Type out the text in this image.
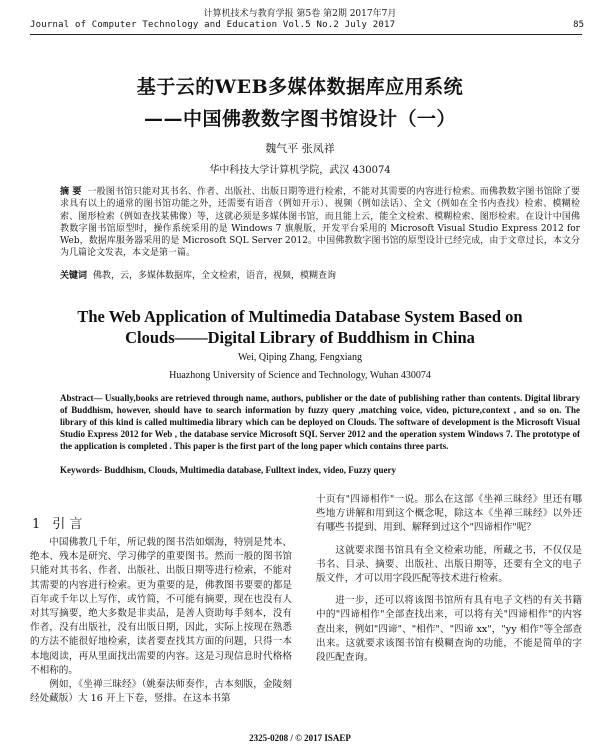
计算机技术与教育学报 第5卷 第2期 2017年7月
Journal of Computer Technology and Education Vol.5 No.2 July 2017	85
基于云的WEB多媒体数据库应用系统
——中国佛教数字图书馆设计（一）
魏气平 张凤祥
华中科技大学计算机学院，武汉 430074
摘 要 一般图书馆只能对其书名、作者、出版社、出版日期等进行检索，不能对其需要的内容进行检索。而佛教数字图书馆除了要求具有以上的通常的图书馆功能之外，还需要有语音（例如开示）、视频（例如法话）、全文（例如在全书内查找）检索、模糊检索、图形检索（例如查找某佛像）等，这就必须是多媒体图书馆，而且能上云，能全文检索、模糊检索、图形检索。在设计中国佛教数字图书馆原型时，操作系统采用的是 Windows 7 旗舰版，开发平台采用的 Microsoft Visual Studio Express 2012 for Web，数据库服务器采用的是 Microsoft SQL Server 2012。中国佛教数字图书馆的原型设计已经完成，由于文章过长，本文分为几篇论文发表，本文是第一篇。
关键词 佛教，云，多媒体数据库，全文检索，语音，视频，模糊查询
The Web Application of Multimedia Database System Based on
Clouds——Digital Library of Buddhism in China
Wei, Qiping Zhang, Fengxiang
Huazhong University of Science and Technology, Wuhan 430074
Abstract— Usually,books are retrieved through name, authors, publisher or the date of publishing rather than contents. Digital library of Buddhism, however, should have to search information by fuzzy query ,matching voice, video, picture,context , and so on. The library of this kind is called multimedia library which can be deployed on Clouds. The software of development is the Microsoft Visual Studio Express 2012 for Web , the database service Microsoft SQL Server 2012 and the operation system Windows 7. The prototype of the application is completed . This paper is the first part of the long paper which contains three parts.
Keywords- Buddhism, Clouds, Multimedia database, Fulltext index, video, Fuzzy query
1 引 言

中国佛教几千年，所记载的图书浩如烟海，特别是梵本、绝本、残本是研究、学习佛学的重要图书。然而一般的图书馆只能对其书名、作者、出版社、出版日期等进行检索，不能对其需要的内容进行检索。更为重要的是，佛教图书要要的都是百年或千年以上写作，或竹简，不可能有摘要，现在也没有人对其写摘要，绝大多数是非卖品，是善人资助每手刻本，没有作者，没有出版社，没有出版日期，因此，实际上按现在熟悉的方法不能很好地检索，读者要查找其方面的问题，只得一本本地阅读，再从里面找出需要的内容。这是习现信息时代格格不相称的。

例如，《坐禅三昧经》（姚秦法师奏作，古本刻版，金陵刻经处藏版）大 16 开上下卷，竖排。在这本书第

十页有"四谛相作"一说。那么在这部《坐禅三昧经》里还有哪些地方讲解和用到这个概念呢，除这本《坐禅三昧经》以外还有哪些书提到、用到、解释到过这个"四谛相作"呢？

这就要求图书馆具有全文检索功能，所藏之书，不仅仅是书名、目录、摘要、出版社、出版日期等，还要有全文的电子版文件，才可以用字段匹配等技术进行检索。

进一步，还可以将该图书馆所有具有电子文档的有关书籍中的"四谛相作"全部查找出来，可以将有关"四谛相作"的内容查出来，例如"四谛"、"相作"、"四谛 xx"，"yy 相作"等全部查出来。这就要求该图书馆有模糊查询的功能，不能是简单的字段匹配查询。

2325-0208 / © 2017 ISAEP
